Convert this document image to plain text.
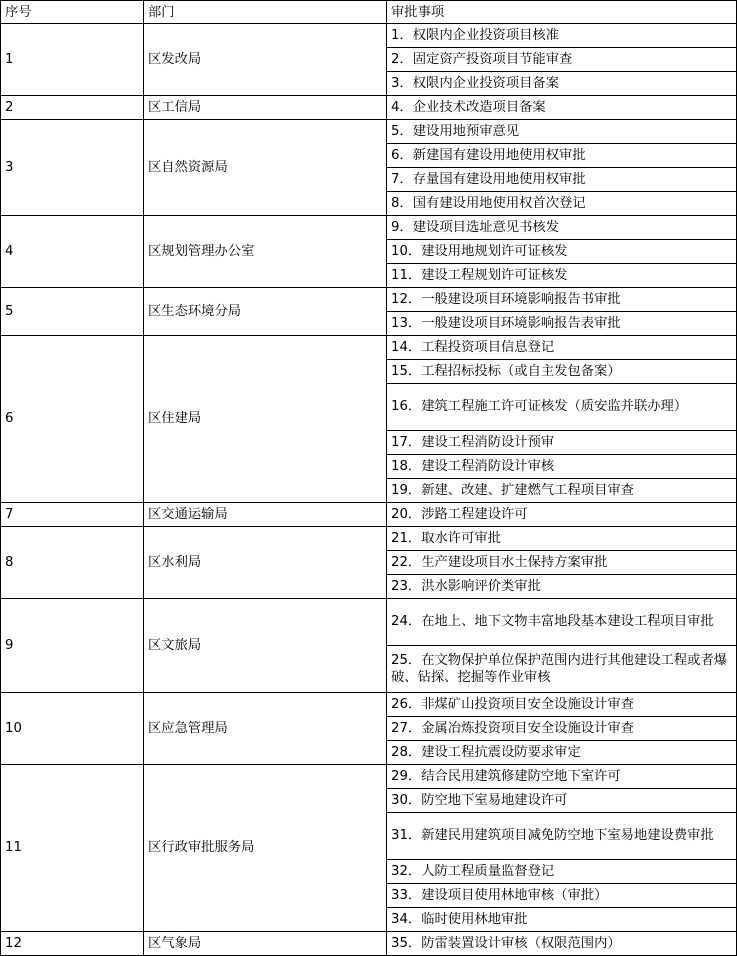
序号	部门	审批事项
1	区发改局	1．权限内企业投资项目核准
		2．固定资产投资项目节能审查
		3．权限内企业投资项目备案
2	区工信局	4．企业技术改造项目备案
3	区自然资源局	5．建设用地预审意见
		6．新建国有建设用地使用权审批
		7．存量国有建设用地使用权审批
		8．国有建设用地使用权首次登记
4	区规划管理办公室	9．建设项目选址意见书核发
		10．建设用地规划许可证核发
		11．建设工程规划许可证核发
5	区生态环境分局	12．一般建设项目环境影响报告书审批
		13．一般建设项目环境影响报告表审批
6	区住建局	14．工程投资项目信息登记
		15．工程招标投标（或自主发包备案）
		16．建筑工程施工许可证核发（质安监并联办理）
		17．建设工程消防设计预审
		18．建设工程消防设计审核
		19．新建、改建、扩建燃气工程项目审查
7	区交通运输局	20．涉路工程建设许可
8	区水利局	21．取水许可审批
		22．生产建设项目水土保持方案审批
		23．洪水影响评价类审批
9	区文旅局	24．在地上、地下文物丰富地段基本建设工程项目审批
		25．在文物保护单位保护范围内进行其他建设工程或者爆破、钻探、挖掘等作业审核
10	区应急管理局	26．非煤矿山投资项目安全设施设计审查
		27．金属冶炼投资项目安全设施设计审查
		28．建设工程抗震设防要求审定
11	区行政审批服务局	29．结合民用建筑修建防空地下室许可
		30．防空地下室易地建设许可
		31．新建民用建筑项目减免防空地下室易地建设费审批
		32．人防工程质量监督登记
		33．建设项目使用林地审核（审批）
		34．临时使用林地审批
12	区气象局	35．防雷装置设计审核（权限范围内）
